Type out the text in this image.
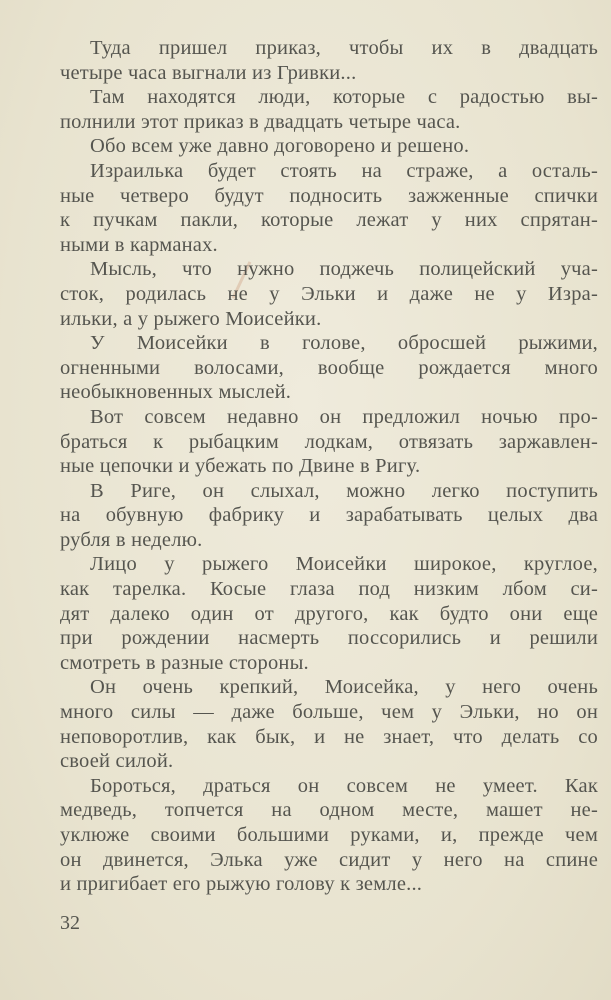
Туда пришел приказ, чтобы их в двадцать
четыре часа выгнали из Гривки...
Там находятся люди, которые с радостью вы-
полнили этот приказ в двадцать четыре часа.
Обо всем уже давно договорено и решено.
Израилька будет стоять на страже, а осталь-
ные четверо будут подносить зажженные спички
к пучкам пакли, которые лежат у них спрятан-
ными в карманах.
Мысль, что нужно поджечь полицейский уча-
сток, родилась не у Эльки и даже не у Изра-
ильки, а у рыжего Моисейки.
У Моисейки в голове, обросшей рыжими,
огненными волосами, вообще рождается много
необыкновенных мыслей.
Вот совсем недавно он предложил ночью про-
браться к рыбацким лодкам, отвязать заржавлен-
ные цепочки и убежать по Двине в Ригу.
В Риге, он слыхал, можно легко поступить
на обувную фабрику и зарабатывать целых два
рубля в неделю.
Лицо у рыжего Моисейки широкое, круглое,
как тарелка. Косые глаза под низким лбом си-
дят далеко один от другого, как будто они еще
при рождении насмерть поссорились и решили
смотреть в разные стороны.
Он очень крепкий, Моисейка, у него очень
много силы — даже больше, чем у Эльки, но он
неповоротлив, как бык, и не знает, что делать со
своей силой.
Бороться, драться он совсем не умеет. Как
медведь, топчется на одном месте, машет не-
уклюже своими большими руками, и, прежде чем
он двинется, Элька уже сидит у него на спине
и пригибает его рыжую голову к земле...
32
